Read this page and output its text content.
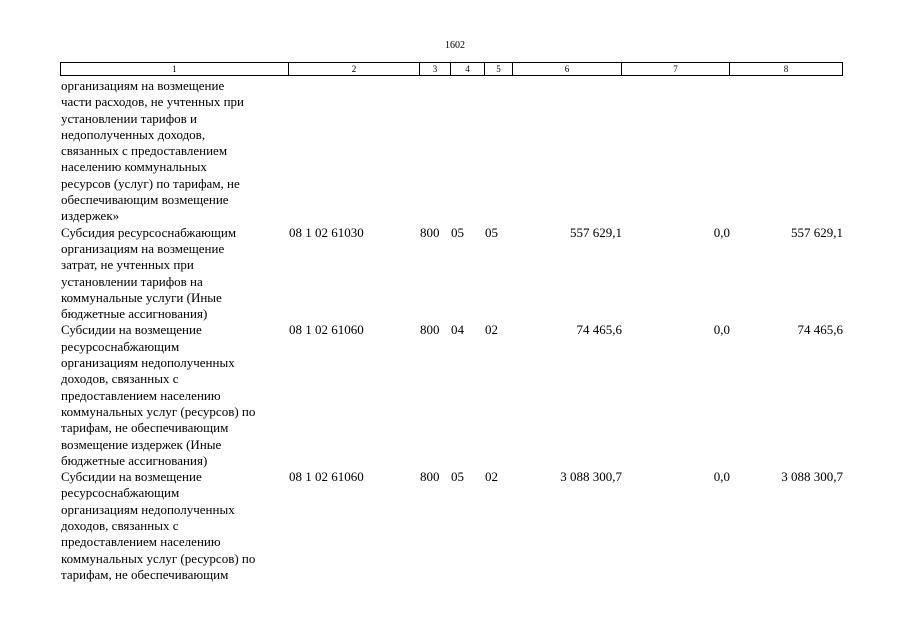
1602
1	2	3	4	5	6	7	8
организациям на возмещение
части расходов, не учтенных при
установлении тарифов и
недополученных доходов,
связанных с предоставлением
населению коммунальных
ресурсов (услуг) по тарифам, не
обеспечивающим возмещение
издержек»
Субсидия ресурсоснабжающим
организациям на возмещение
затрат, не учтенных при
установлении тарифов на
коммунальные услуги (Иные
бюджетные ассигнования)
08 1 02 61030	800 05 05	557 629,1	0,0	557 629,1
Субсидии на возмещение
ресурсоснабжающим
организациям недополученных
доходов, связанных с
предоставлением населению
коммунальных услуг (ресурсов) по
тарифам, не обеспечивающим
возмещение издержек (Иные
бюджетные ассигнования)
08 1 02 61060	800 04 02	74 465,6	0,0	74 465,6
Субсидии на возмещение
ресурсоснабжающим
организациям недополученных
доходов, связанных с
предоставлением населению
коммунальных услуг (ресурсов) по
тарифам, не обеспечивающим
08 1 02 61060	800 05 02	3 088 300,7	0,0	3 088 300,7
